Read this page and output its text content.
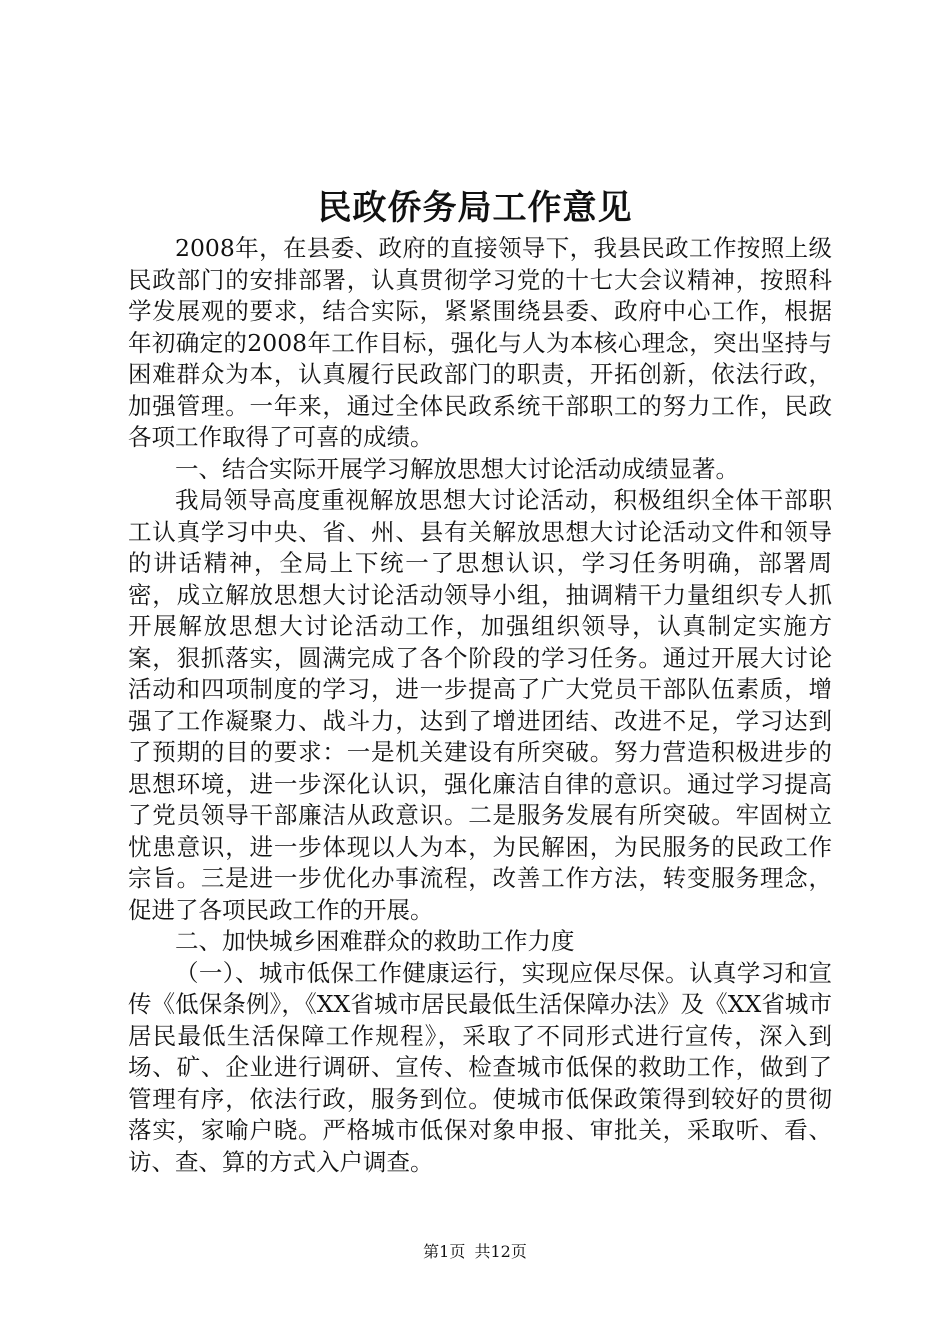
民政侨务局工作意见

2008年，在县委、政府的直接领导下，我县民政工作按照上级民政部门的安排部署，认真贯彻学习党的十七大会议精神，按照科学发展观的要求，结合实际，紧紧围绕县委、政府中心工作，根据年初确定的2008年工作目标，强化与人为本核心理念，突出坚持与困难群众为本，认真履行民政部门的职责，开拓创新，依法行政，加强管理。一年来，通过全体民政系统干部职工的努力工作，民政各项工作取得了可喜的成绩。

一、结合实际开展学习解放思想大讨论活动成绩显著。

我局领导高度重视解放思想大讨论活动，积极组织全体干部职工认真学习中央、省、州、县有关解放思想大讨论活动文件和领导的讲话精神，全局上下统一了思想认识，学习任务明确，部署周密，成立解放思想大讨论活动领导小组，抽调精干力量组织专人抓开展解放思想大讨论活动工作，加强组织领导，认真制定实施方案，狠抓落实，圆满完成了各个阶段的学习任务。通过开展大讨论活动和四项制度的学习，进一步提高了广大党员干部队伍素质，增强了工作凝聚力、战斗力，达到了增进团结、改进不足，学习达到了预期的目的要求：一是机关建设有所突破。努力营造积极进步的思想环境，进一步深化认识，强化廉洁自律的意识。通过学习提高了党员领导干部廉洁从政意识。二是服务发展有所突破。牢固树立忧患意识，进一步体现以人为本，为民解困，为民服务的民政工作宗旨。三是进一步优化办事流程，改善工作方法，转变服务理念，促进了各项民政工作的开展。

二、加快城乡困难群众的救助工作力度

（一）、城市低保工作健康运行，实现应保尽保。认真学习和宣传《低保条例》，《XX省城市居民最低生活保障办法》及《XX省城市居民最低生活保障工作规程》，采取了不同形式进行宣传，深入到场、矿、企业进行调研、宣传、检查城市低保的救助工作，做到了管理有序，依法行政，服务到位。使城市低保政策得到较好的贯彻落实，家喻户晓。严格城市低保对象申报、审批关，采取听、看、访、查、算的方式入户调查。

第1页 共12页
